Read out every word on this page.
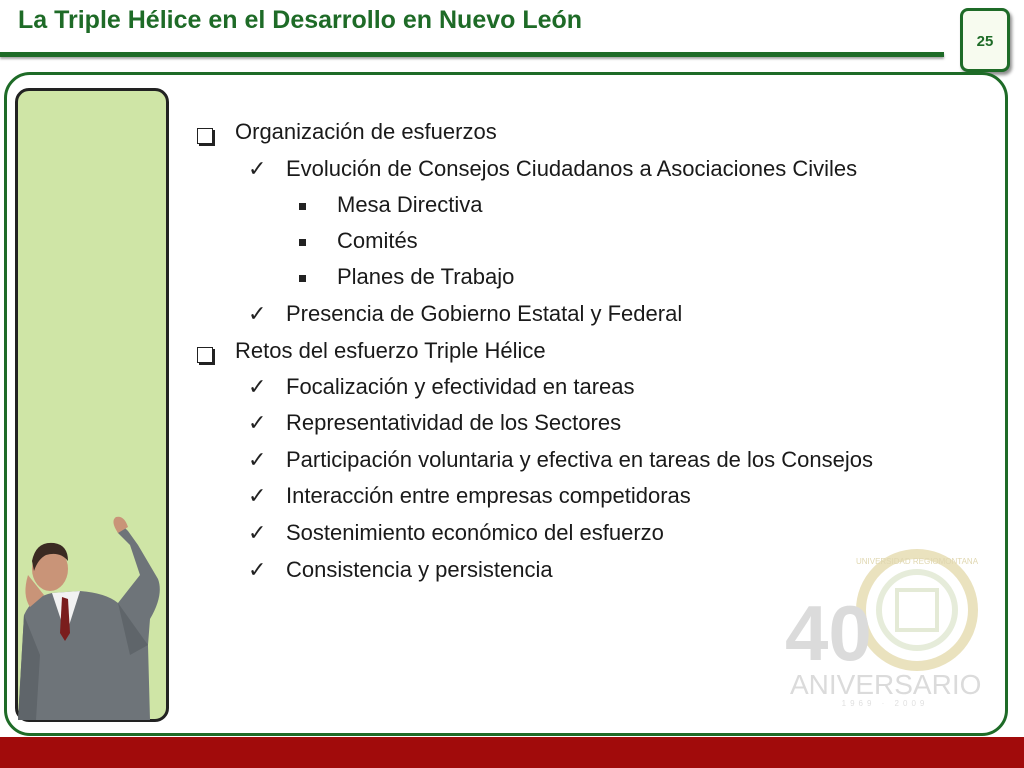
La Triple Hélice en el Desarrollo en Nuevo León
25
Organización de esfuerzos
✓ Evolución de Consejos Ciudadanos a Asociaciones Civiles
Mesa Directiva
Comités
Planes de Trabajo
✓ Presencia de Gobierno Estatal y Federal
Retos del esfuerzo Triple Hélice
✓ Focalización y efectividad en tareas
✓ Representatividad de los Sectores
✓ Participación voluntaria y efectiva en tareas de los Consejos
✓ Interacción entre empresas competidoras
✓ Sostenimiento económico del esfuerzo
✓ Consistencia y persistencia	UNIVERSIDAD REGIOMONTANA
40
ANIVERSARIO
1969 · 2009
